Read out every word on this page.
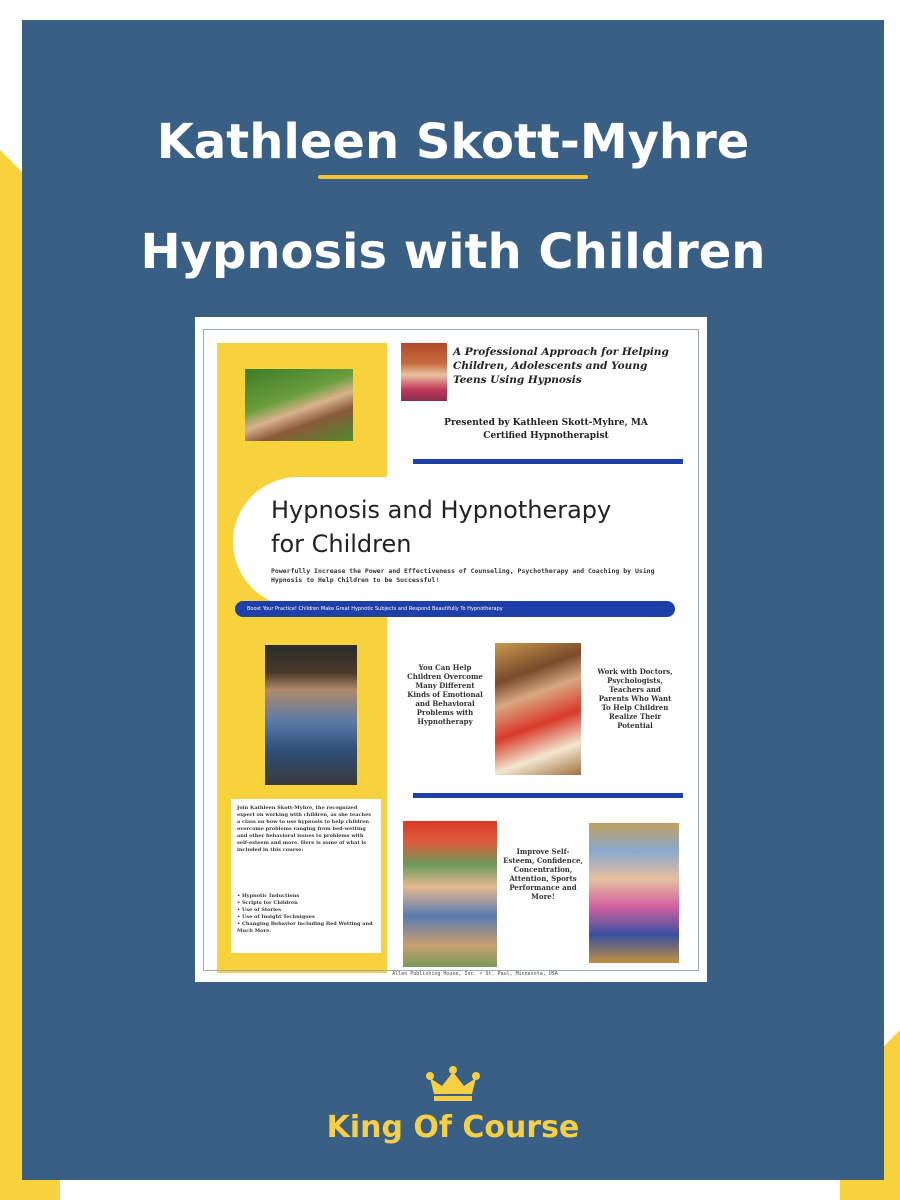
Kathleen Skott-Myhre
Hypnosis with Children
A Professional Approach for Helping Children, Adolescents and Young Teens Using Hypnosis
Presented by Kathleen Skott-Myhre, MA
Certified Hypnotherapist
Hypnosis and Hypnotherapy
for Children
Powerfully Increase the Power and Effectiveness of Counseling, Psychotherapy and Coaching by Using Hypnosis to Help Children to be Successful!
Boost Your Practice! Children Make Great Hypnotic Subjects and Respond Beautifully To Hypnotherapy
You Can Help Children Overcome Many Different Kinds of Emotional and Behavioral Problems with Hypnotherapy
Work with Doctors, Psychologists, Teachers and Parents Who Want To Help Children Realize Their Potential
Join Kathleen Skott-Myhre, the recognized expert on working with children, as she teaches a class on how to use hypnosis to help children overcome problems ranging from bed-wetting and other behavioral issues to problems with self-esteem and more. Here is some of what is included in this course:
• Hypnotic Inductions
• Scripts for Children
• Use of Stories
• Use of Insight Techniques
• Changing Behavior including Bed Wetting and Much More.
Improve Self-Esteem, Confidence, Concentration, Attention, Sports Performance and More!
Allen Publishing House, Inc. • St. Paul, Minnesota, USA
King Of Course
